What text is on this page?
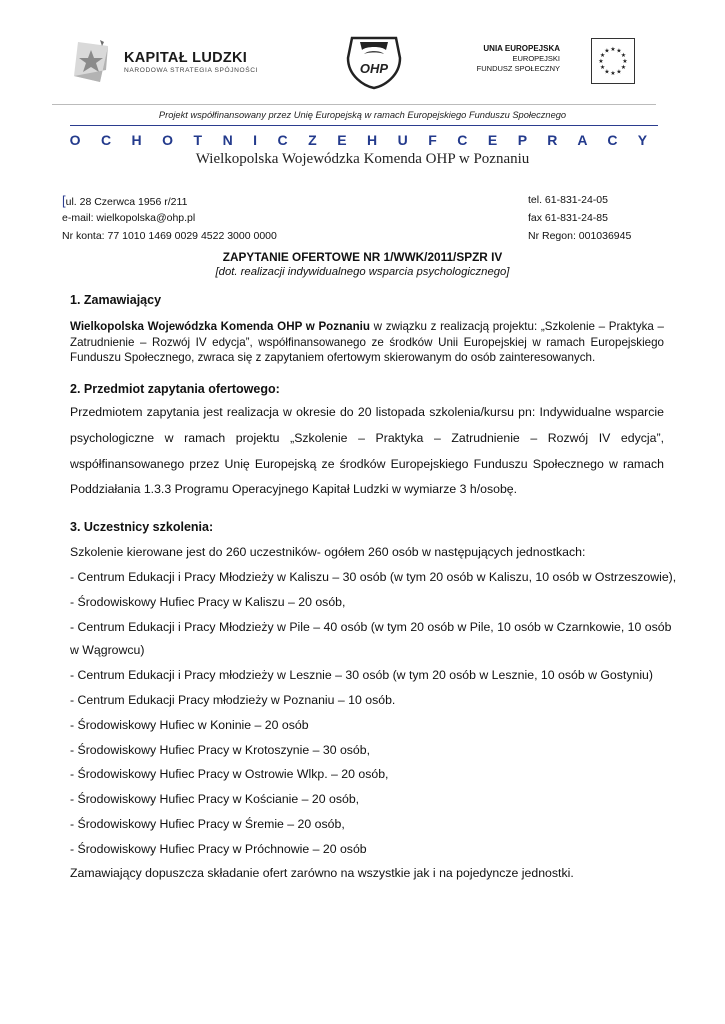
KAPITAŁ LUDZKI
NARODOWA STRATEGIA SPÓJNOŚCI	OHP
UNIA EUROPEJSKA
EUROPEJSKI
FUNDUSZ SPOŁECZNY
★ ★
★
★
★
★
★
★
★
★
★
★
Projekt współfinansowany przez Unię Europejską w ramach Europejskiego Funduszu Społecznego
O C H O T N I C Z E H U F C E P R A C Y
Wielkopolska Wojewódzka Komenda OHP w Poznaniu
[ul. 28 Czerwca 1956 r/211
e-mail: wielkopolska@ohp.pl
Nr konta: 77 1010 1469 0029 4522 3000 0000
tel. 61-831-24-05
fax 61-831-24-85
Nr Regon: 001036945
ZAPYTANIE OFERTOWE NR 1/WWK/2011/SPZR IV
[dot. realizacji indywidualnego wsparcia psychologicznego]
1. Zamawiający
Wielkopolska Wojewódzka Komenda OHP w Poznaniu w związku z realizacją projektu: „Szkolenie – Praktyka – Zatrudnienie – Rozwój IV edycja”, współfinansowanego ze środków Unii Europejskiej w ramach Europejskiego Funduszu Społecznego, zwraca się z zapytaniem ofertowym skierowanym do osób zainteresowanych.
2. Przedmiot zapytania ofertowego:
Przedmiotem zapytania jest realizacja w okresie do 20 listopada szkolenia/kursu pn: Indywidualne wsparcie
psychologiczne w ramach projektu „Szkolenie – Praktyka – Zatrudnienie – Rozwój IV edycja”,
współfinansowanego przez Unię Europejską ze środków Europejskiego Funduszu Społecznego w ramach
Poddziałania 1.3.3 Programu Operacyjnego Kapitał Ludzki w wymiarze 3 h/osobę.
3. Uczestnicy szkolenia:
Szkolenie kierowane jest do 260 uczestników- ogółem 260 osób w następujących jednostkach:
- Centrum Edukacji i Pracy Młodzieży w Kaliszu – 30 osób (w tym 20 osób w Kaliszu, 10 osób w Ostrzeszowie),
- Środowiskowy Hufiec Pracy w Kaliszu – 20 osób,
- Centrum Edukacji i Pracy Młodzieży w Pile – 40 osób (w tym 20 osób w Pile, 10 osób w Czarnkowie, 10 osób
w Wągrowcu)
- Centrum Edukacji i Pracy młodzieży w Lesznie – 30 osób (w tym 20 osób w Lesznie, 10 osób w Gostyniu)
- Centrum Edukacji Pracy młodzieży w Poznaniu – 10 osób.
- Środowiskowy Hufiec w Koninie – 20 osób
- Środowiskowy Hufiec Pracy w Krotoszynie – 30 osób,
- Środowiskowy Hufiec Pracy w Ostrowie Wlkp. – 20 osób,
- Środowiskowy Hufiec Pracy w Kościanie – 20 osób,
- Środowiskowy Hufiec Pracy w Śremie – 20 osób,
- Środowiskowy Hufiec Pracy w Próchnowie – 20 osób
Zamawiający dopuszcza składanie ofert zarówno na wszystkie jak i na pojedyncze jednostki.
